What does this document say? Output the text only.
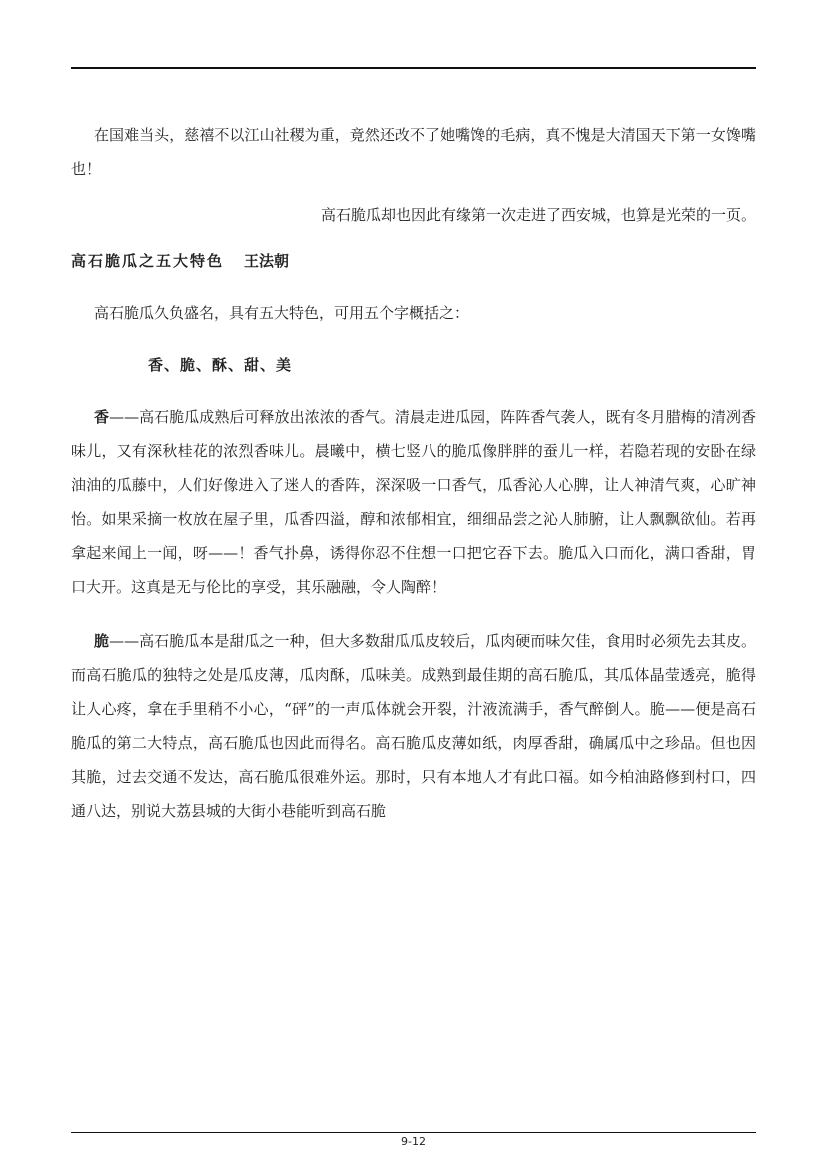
在国难当头，慈禧不以江山社稷为重，竟然还改不了她嘴馋的毛病，真不愧是大清国天下第一女馋嘴也！

高石脆瓜却也因此有缘第一次走进了西安城，也算是光荣的一页。

高石脆瓜之五大特色 王法朝

高石脆瓜久负盛名，具有五大特色，可用五个字概括之：

香、脆、酥、甜、美

香——高石脆瓜成熟后可释放出浓浓的香气。清晨走进瓜园，阵阵香气袭人，既有冬月腊梅的清冽香味儿，又有深秋桂花的浓烈香味儿。晨曦中，横七竖八的脆瓜像胖胖的蚕儿一样，若隐若现的安卧在绿油油的瓜藤中，人们好像进入了迷人的香阵，深深吸一口香气，瓜香沁人心脾，让人神清气爽，心旷神怡。如果采摘一枚放在屋子里，瓜香四溢，醇和浓郁相宜，细细品尝之沁人肺腑，让人飘飘欲仙。若再拿起来闻上一闻，呀——！香气扑鼻，诱得你忍不住想一口把它吞下去。脆瓜入口而化，满口香甜，胃口大开。这真是无与伦比的享受，其乐融融，令人陶醉！

脆——高石脆瓜本是甜瓜之一种，但大多数甜瓜瓜皮较后，瓜肉硬而味欠佳，食用时必须先去其皮。而高石脆瓜的独特之处是瓜皮薄，瓜肉酥，瓜味美。成熟到最佳期的高石脆瓜，其瓜体晶莹透亮，脆得让人心疼，拿在手里稍不小心，“砰”的一声瓜体就会开裂，汁液流满手，香气醉倒人。脆——便是高石脆瓜的第二大特点，高石脆瓜也因此而得名。高石脆瓜皮薄如纸，肉厚香甜，确属瓜中之珍品。但也因其脆，过去交通不发达，高石脆瓜很难外运。那时，只有本地人才有此口福。如今柏油路修到村口，四通八达，别说大荔县城的大街小巷能听到高石脆

9-12
